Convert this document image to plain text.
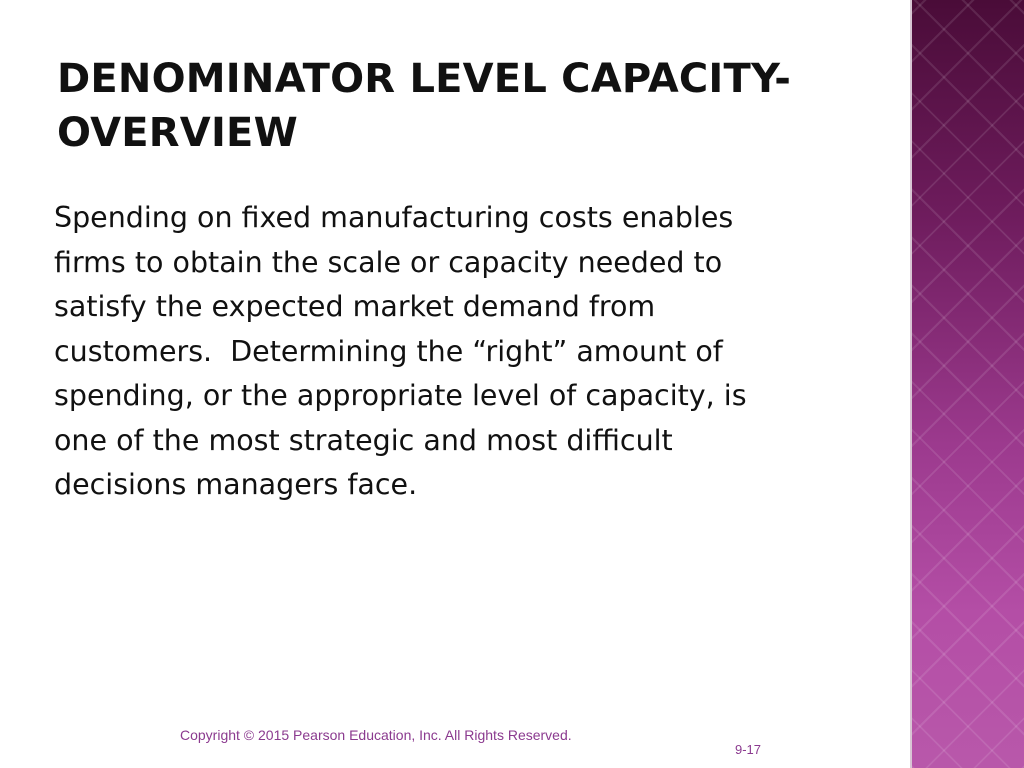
DENOMINATOR LEVEL CAPACITY-
OVERVIEW

Spending on fixed manufacturing costs enables
firms to obtain the scale or capacity needed to
satisfy the expected market demand from
customers.  Determining the “right” amount of
spending, or the appropriate level of capacity, is
one of the most strategic and most difficult
decisions managers face.

Copyright © 2015 Pearson Education, Inc. All Rights Reserved.
9-17
